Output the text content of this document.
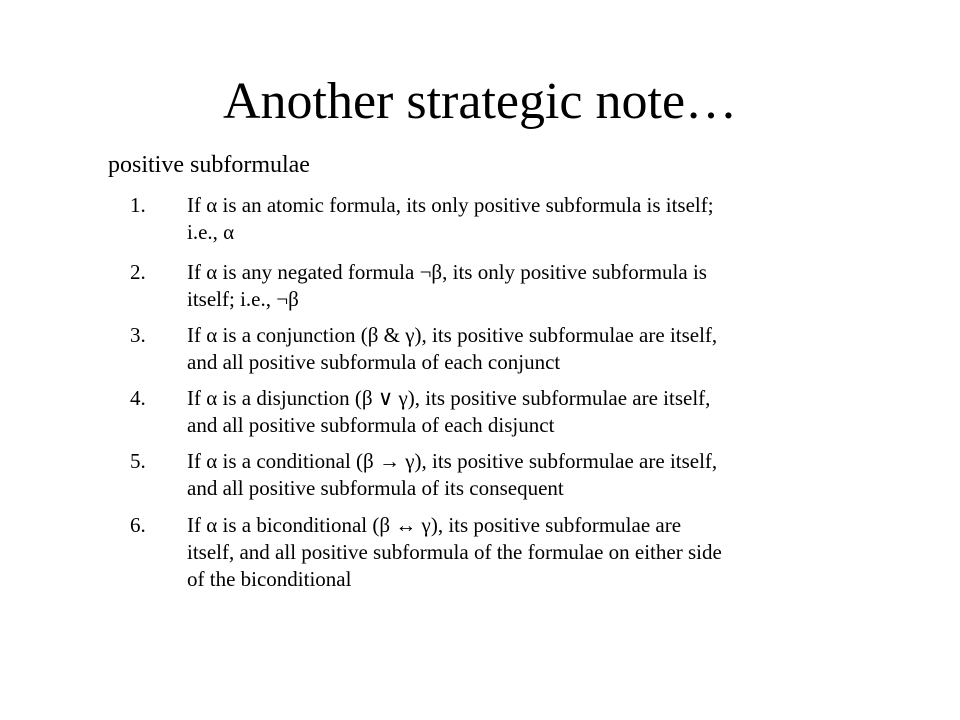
Another strategic note…
positive subformulae
1.	If α is an atomic formula, its only positive subformula is itself;
i.e., α
2.	If α is any negated formula ¬β, its only positive subformula is
itself; i.e., ¬β
3.	If α is a conjunction (β & γ), its positive subformulae are itself,
and all positive subformula of each conjunct
4.	If α is a disjunction (β ∨ γ), its positive subformulae are itself,
and all positive subformula of each disjunct
5.	If α is a conditional (β → γ), its positive subformulae are itself,
and all positive subformula of its consequent
6.	If α is a biconditional (β ↔ γ), its positive subformulae are
itself, and all positive subformula of the formulae on either side
of the biconditional
